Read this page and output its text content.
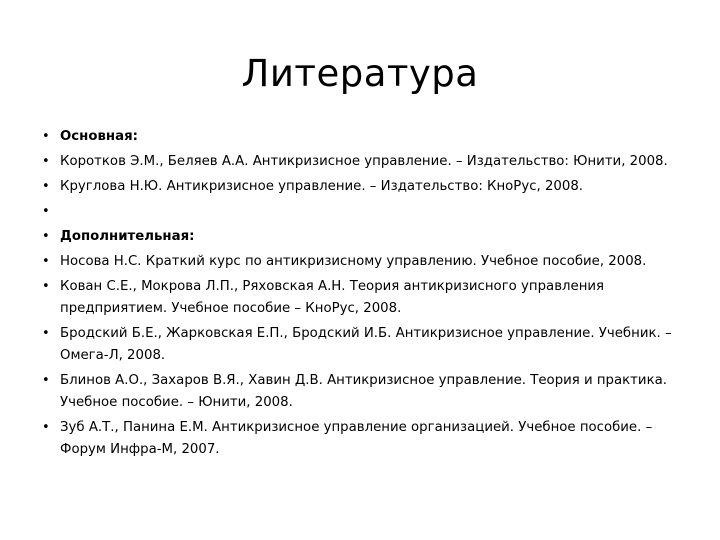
Литература
• Основная:
• Коротков Э.М., Беляев А.А. Антикризисное управление. – Издательство: Юнити, 2008.
• Круглова Н.Ю. Антикризисное управление. – Издательство: КноРус, 2008.
•
• Дополнительная:
• Носова Н.С. Краткий курс по антикризисному управлению. Учебное пособие, 2008.
• Кован С.Е., Мокрова Л.П., Ряховская А.Н. Теория антикризисного управления предприятием. Учебное пособие – КноРус, 2008.
• Бродский Б.Е., Жарковская Е.П., Бродский И.Б. Антикризисное управление. Учебник. – Омега-Л, 2008.
• Блинов А.О., Захаров В.Я., Хавин Д.В. Антикризисное управление. Теория и практика. Учебное пособие. – Юнити, 2008.
• Зуб А.Т., Панина Е.М. Антикризисное управление организацией. Учебное пособие. – Форум Инфра-М, 2007.
